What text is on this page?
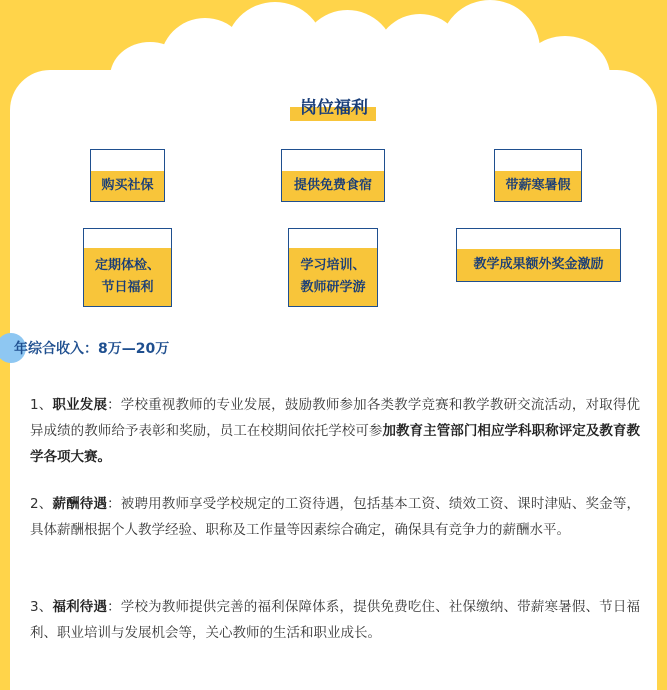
岗位福利
购买社保	提供免费食宿	带薪寒暑假
定期体检、
节日福利
学习培训、
教师研学游
教学成果额外奖金激励
年综合收入：8万—20万
1、职业发展：学校重视教师的专业发展，鼓励教师参加各类教学竞赛和教学教研交流活动，对取得优异成绩的教师给予表彰和奖励，员工在校期间依托学校可参加教育主管部门相应学科职称评定及教育教学各项大赛。
2、薪酬待遇：被聘用教师享受学校规定的工资待遇，包括基本工资、绩效工资、课时津贴、奖金等，具体薪酬根据个人教学经验、职称及工作量等因素综合确定，确保具有竞争力的薪酬水平。
3、福利待遇：学校为教师提供完善的福利保障体系，提供免费吃住、社保缴纳、带薪寒暑假、节日福利、职业培训与发展机会等，关心教师的生活和职业成长。
